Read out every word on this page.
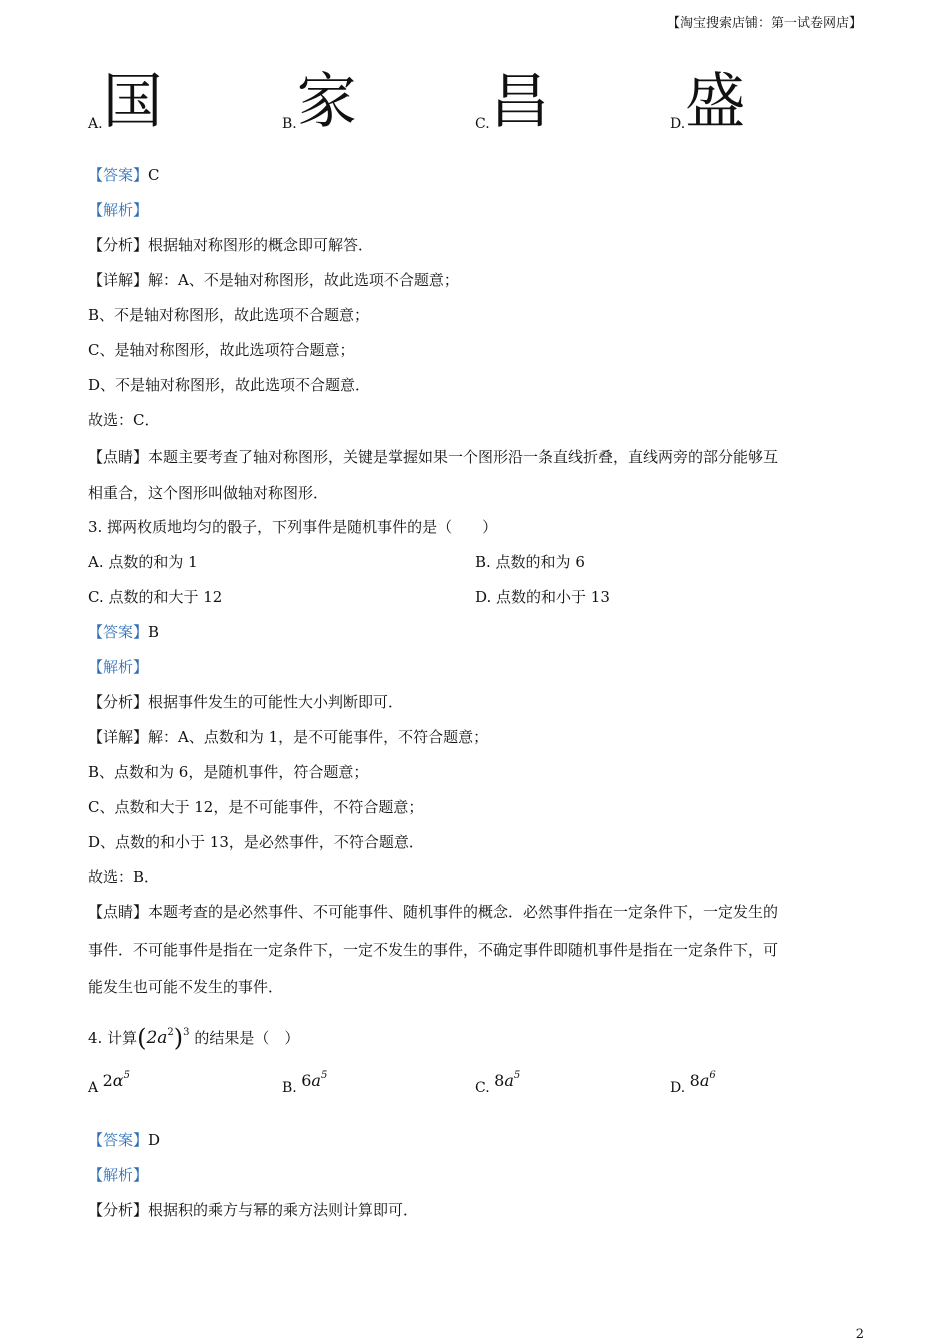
【淘宝搜索店铺：第一试卷网店】
A.国	B.家	C.昌	D.盛
【答案】C
【解析】
【分析】根据轴对称图形的概念即可解答．
【详解】解：A、不是轴对称图形，故此选项不合题意；
B、不是轴对称图形，故此选项不合题意；
C、是轴对称图形，故此选项符合题意；
D、不是轴对称图形，故此选项不合题意．
故选：C．
【点睛】本题主要考查了轴对称图形，关键是掌握如果一个图形沿一条直线折叠，直线两旁的部分能够互
相重合，这个图形叫做轴对称图形．
3. 掷两枚质地均匀的骰子，下列事件是随机事件的是（　　）
A. 点数的和为 1	B. 点数的和为 6
C. 点数的和大于 12	D. 点数的和小于 13
【答案】B
【解析】
【分析】根据事件发生的可能性大小判断即可．
【详解】解：A、点数和为 1，是不可能事件，不符合题意；
B、点数和为 6，是随机事件，符合题意；
C、点数和大于 12，是不可能事件，不符合题意；
D、点数的和小于 13，是必然事件，不符合题意．
故选：B．
【点睛】本题考查的是必然事件、不可能事件、随机事件的概念．必然事件指在一定条件下，一定发生的
事件．不可能事件是指在一定条件下，一定不发生的事件，不确定事件即随机事件是指在一定条件下，可
能发生也可能不发生的事件．
4. 计算$(2a^2)^3$ 的结果是（　）
A $2\alpha^5$
B. $6a^5$
C. $8a^5$
D. $8a^6$
【答案】D
【解析】
【分析】根据积的乘方与幂的乘方法则计算即可．
2
